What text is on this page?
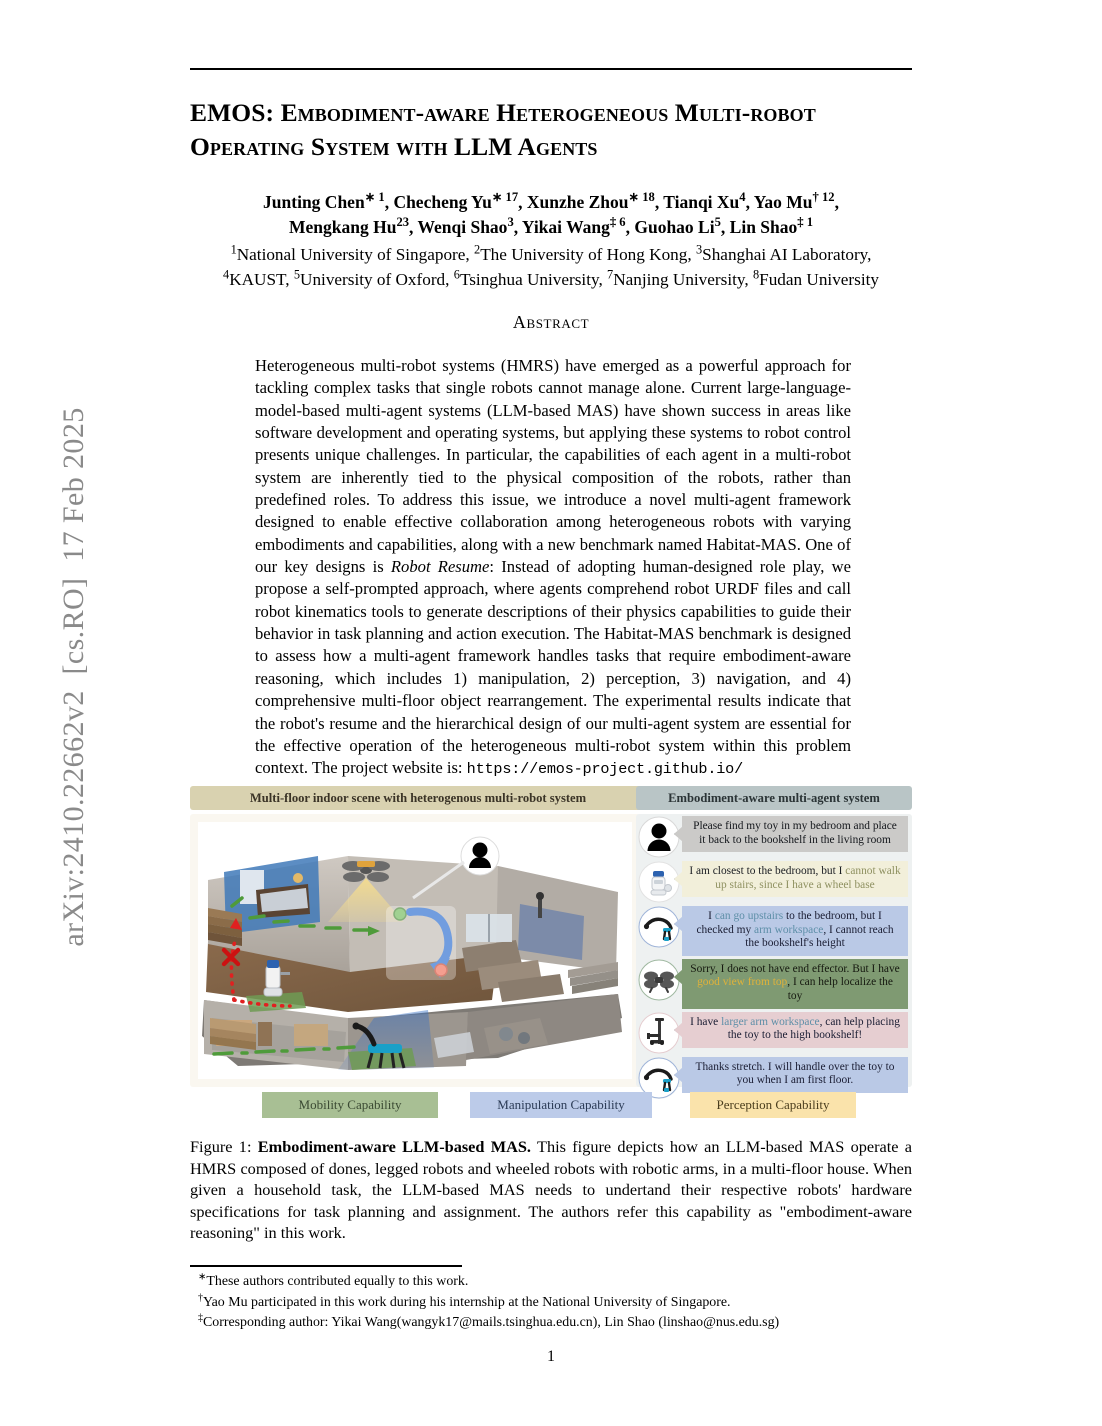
arXiv:2410.22662v2  [cs.RO]  17 Feb 2025
EMOS: Embodiment-aware Heterogeneous Multi-robot
Operating System with LLM Agents
Junting Chen$^{∗ 1}$, Checheng $Yu^{∗ 17}$, Xunzhe Zhou$^{∗ 18}$, Tianqi Xu$^4$, Yao Mu$^{\dagger 12}$,
Mengkang Hu$^{23}$, Wenqi Shao$^3$, Yikai Wang$^{\ddagger 6}$, Guohao Li$^5$, Lin Shao$^{\ddagger 1}$
$^1$National University of Singapore, $^2$The University of Hong Kong, $^3$Shanghai AI Laboratory,
$^4$KAUST, $^5$University of Oxford, $^6$Tsinghua University, $^7$Nanjing University, $^8$Fudan University
Abstract
Heterogeneous multi-robot systems (HMRS) have emerged as a powerful approach for tackling complex tasks that single robots cannot manage alone. Current large-language-model-based multi-agent systems (LLM-based MAS) have shown success in areas like software development and operating systems, but applying these systems to robot control presents unique challenges. In particular, the capabilities of each agent in a multi-robot system are inherently tied to the physical composition of the robots, rather than predefined roles. To address this issue, we introduce a novel multi-agent framework designed to enable effective collaboration among heterogeneous robots with varying embodiments and capabilities, along with a new benchmark named Habitat-MAS. One of our key designs is Robot Resume: Instead of adopting human-designed role play, we propose a self-prompted approach, where agents comprehend robot URDF files and call robot kinematics tools to generate descriptions of their physics capabilities to guide their behavior in task planning and action execution. The Habitat-MAS benchmark is designed to assess how a multi-agent framework handles tasks that require embodiment-aware reasoning, which includes 1) manipulation, 2) perception, 3) navigation, and 4) comprehensive multi-floor object rearrangement. The experimental results indicate that the robot's resume and the hierarchical design of our multi-agent system are essential for the effective operation of the heterogeneous multi-robot system within this problem context. The project website is: https://emos-project.github.io/
Multi-floor indoor scene with heterogenous multi-robot system	Embodiment-aware multi-agent system
Please find my toy in my bedroom and place it back to the bookshelf in the living room
I am closest to the bedroom, but I cannot walk up stairs, since I have a wheel base
I can go upstairs to the bedroom, but I checked my arm workspace, I cannot reach the bookshelf's height
Sorry, I does not have end effector. But I have good view from top, I can help localize the toy
I have larger arm workspace, can help placing the toy to the high bookshelf!
Thanks stretch. I will handle over the toy to you when I am first floor.
Mobility Capability	Manipulation Capability	Perception Capability
Figure 1: Embodiment-aware LLM-based MAS. This figure depicts how an LLM-based MAS operate a HMRS composed of dones, legged robots and wheeled robots with robotic arms, in a multi-floor house. When given a household task, the LLM-based MAS needs to undertand their respective robots' hardware specifications for task planning and assignment. The authors refer this capability as "embodiment-aware reasoning" in this work.
∗These authors contributed equally to this work.
†Yao Mu participated in this work during his internship at the National University of Singapore.
‡Corresponding author: Yikai Wang(wangyk17@mails.tsinghua.edu.cn), Lin Shao (linshao@nus.edu.sg)
1
